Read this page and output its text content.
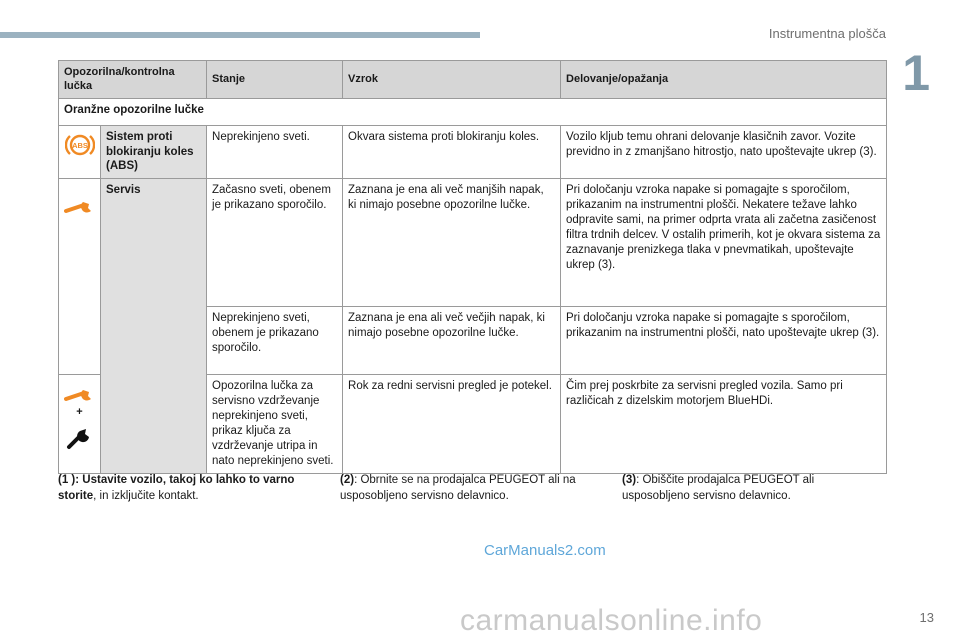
Instrumentna plošča
1
Opozorilna/kontrolna lučka		Stanje	Vzrok	Delovanje/opažanja
Oranžne opozorilne lučke				

ABS	Sistem proti blokiranju koles (ABS)	Neprekinjeno sveti.	Okvara sistema proti blokiranju koles.	Vozilo kljub temu ohrani delovanje klasičnih zavor. Vozite previdno in z zmanjšano hitrostjo, nato upoštevajte ukrep (3).

	Servis	Začasno sveti, obenem je prikazano sporočilo.	Zaznana je ena ali več manjših napak, ki nimajo posebne opozorilne lučke.	Pri določanju vzroka napake si pomagajte s sporočilom, prikazanim na instrumentni plošči. Nekatere težave lahko odpravite sami, na primer odprta vrata ali začetna zasičenost filtra trdnih delcev. V ostalih primerih, kot je okvara sistema za zaznavanje prenizkega tlaka v pnevmatikah, upoštevajte ukrep (3).
		Neprekinjeno sveti, obenem je prikazano sporočilo.	Zaznana je ena ali več večjih napak, ki nimajo posebne opozorilne lučke.	Pri določanju vzroka napake si pomagajte s sporočilom, prikazanim na instrumentni plošči, nato upoštevajte ukrep (3).

+		Opozorilna lučka za servisno vzdrževanje neprekinjeno sveti, prikaz ključa za vzdrževanje utripa in nato neprekinjeno sveti.	Rok za redni servisni pregled je potekel.	Čim prej poskrbite za servisni pregled vozila. Samo pri različicah z dizelskim motorjem BlueHDi.
(1 ): Ustavite vozilo, takoj ko lahko to varno storite, in izključite kontakt.
(2): Obrnite se na prodajalca PEUGEOT ali na usposobljeno servisno delavnico.
(3): Obiščite prodajalca PEUGEOT ali usposobljeno servisno delavnico.
CarManuals2.com
carmanualsonline.info	13
